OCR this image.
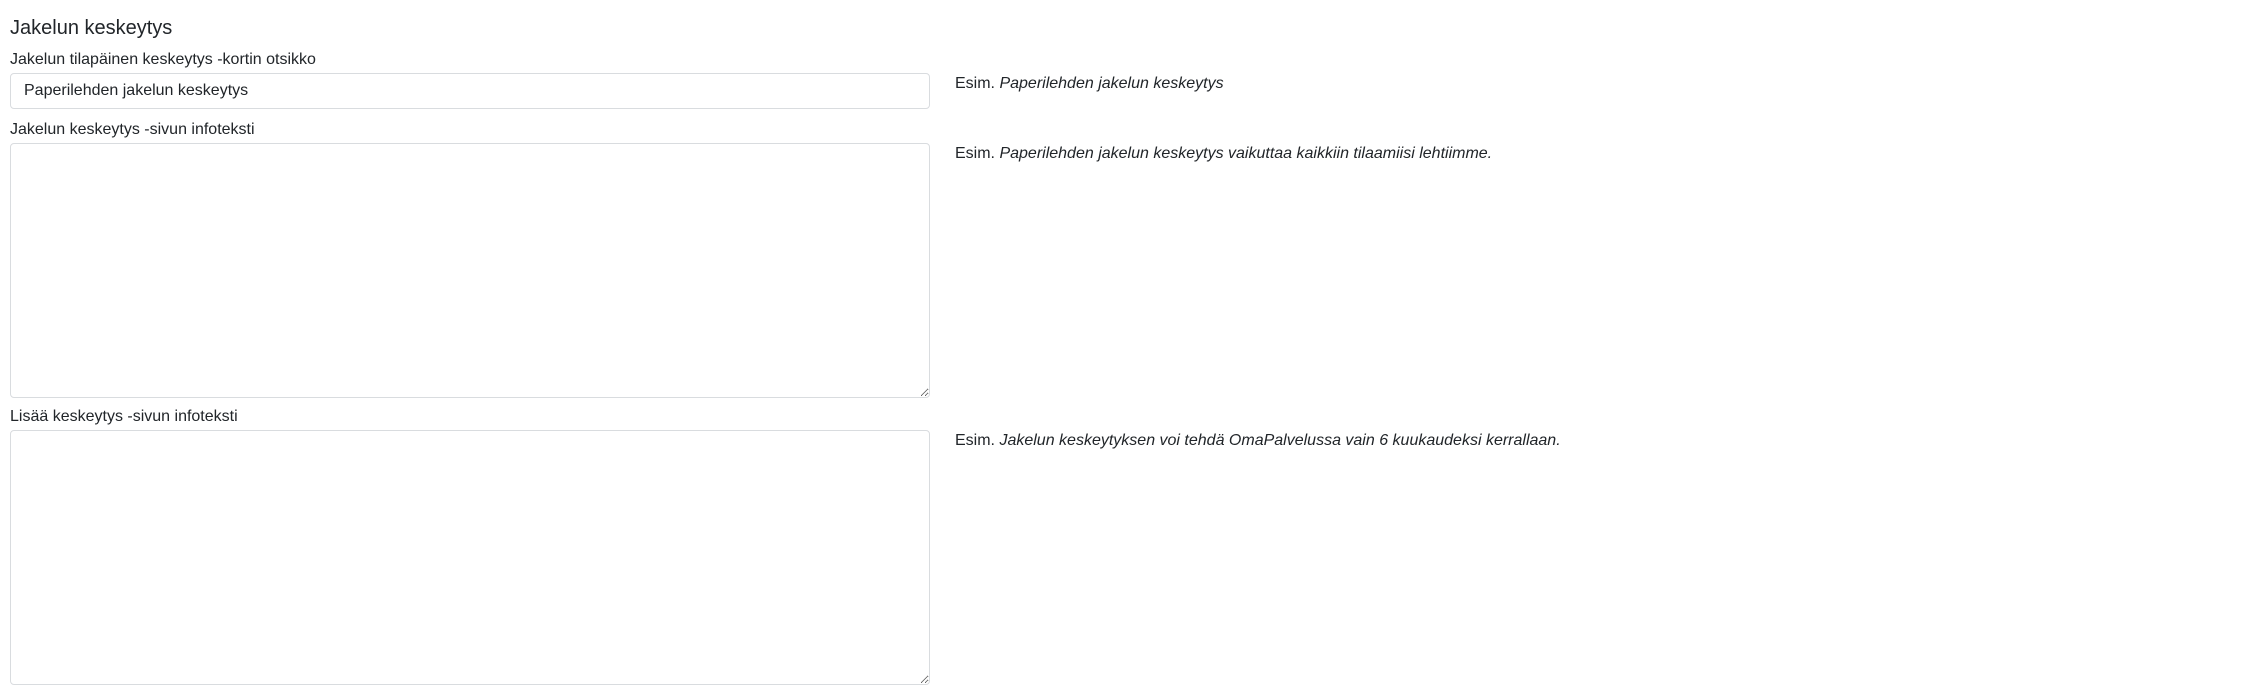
Jakelun keskeytys
Jakelun tilapäinen keskeytys -kortin otsikko
Paperilehden jakelun keskeytys
Esim. Paperilehden jakelun keskeytys
Jakelun keskeytys -sivun infoteksti
Esim. Paperilehden jakelun keskeytys vaikuttaa kaikkiin tilaamiisi lehtiimme.
Lisää keskeytys -sivun infoteksti
Esim. Jakelun keskeytyksen voi tehdä OmaPalvelussa vain 6 kuukaudeksi kerrallaan.
